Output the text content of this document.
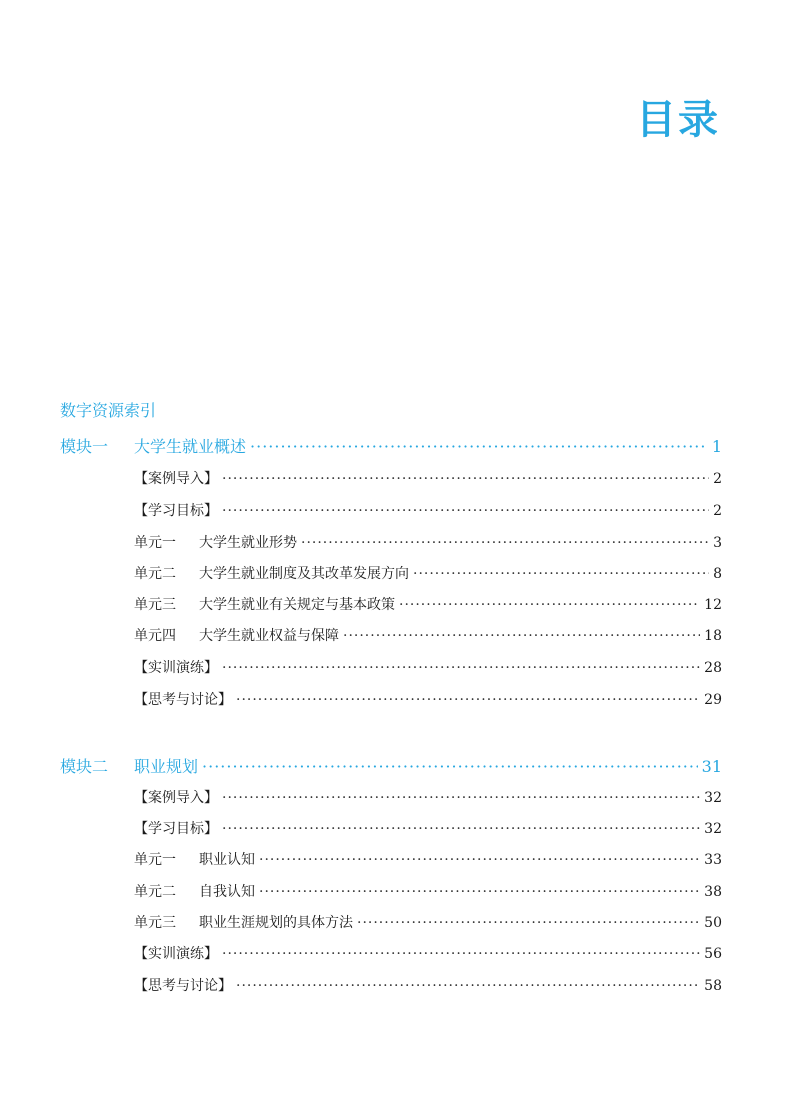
目录
数字资源索引
模块一 大学生就业概述 ·····	1
【案例导入】 ·····	2
【学习目标】 ·····	2
单元一 大学生就业形势 ·····	3
单元二 大学生就业制度及其改革发展方向 ·····	8
单元三 大学生就业有关规定与基本政策 ·····	12
单元四 大学生就业权益与保障 ·····	18
【实训演练】 ·····	28
【思考与讨论】 ·····	29
模块二 职业规划 ·····	31
【案例导入】 ·····	32
【学习目标】 ·····	32
单元一 职业认知 ·····	33
单元二 自我认知 ·····	38
单元三 职业生涯规划的具体方法 ·····	50
【实训演练】 ·····	56
【思考与讨论】 ·····	58
